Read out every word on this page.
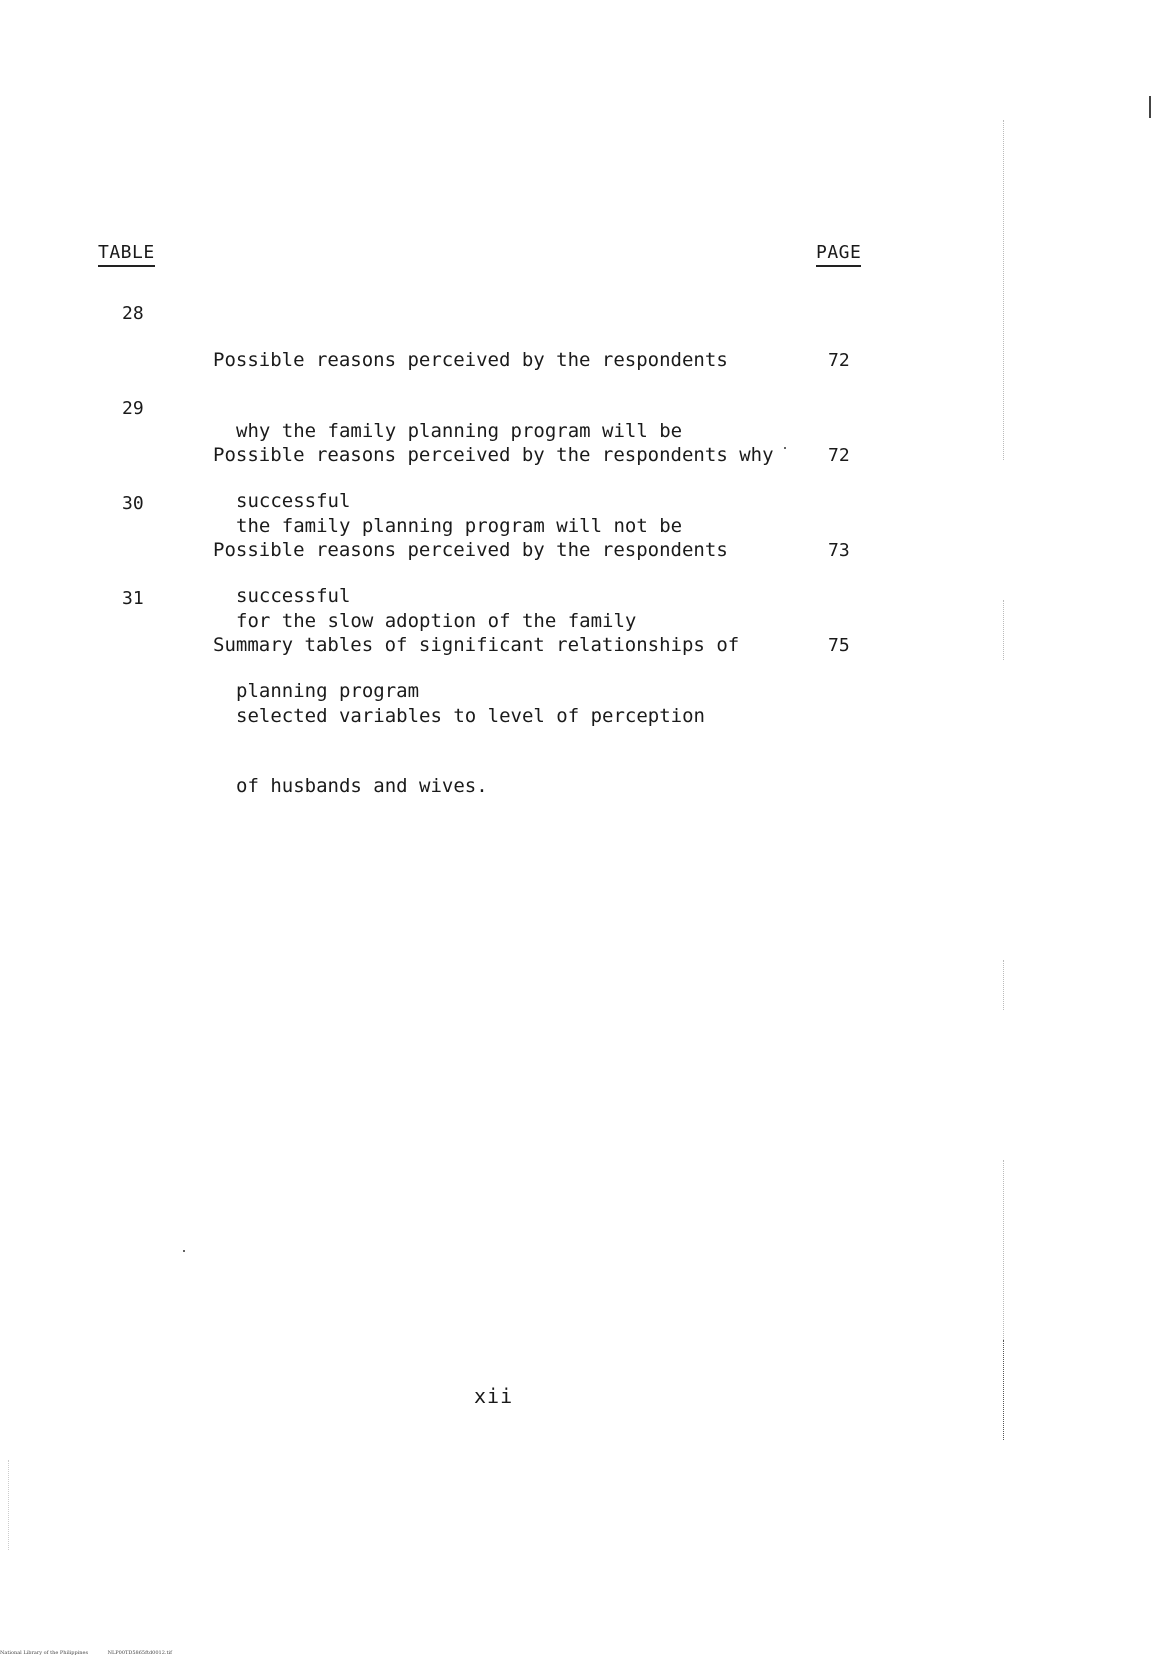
TABLE	PAGE
28

Possible reasons perceived by the respondents

why the family planning program will be

successful

72
29

Possible reasons perceived by the respondents why

the family planning program will not be

successful

72
30

Possible reasons perceived by the respondents

for the slow adoption of the family

planning program

73
31

Summary tables of significant relationships of

selected variables to level of perception

of husbands and wives.

75
xii
National Library of the Philippines	NLP00TD5865ftd0012.tif
